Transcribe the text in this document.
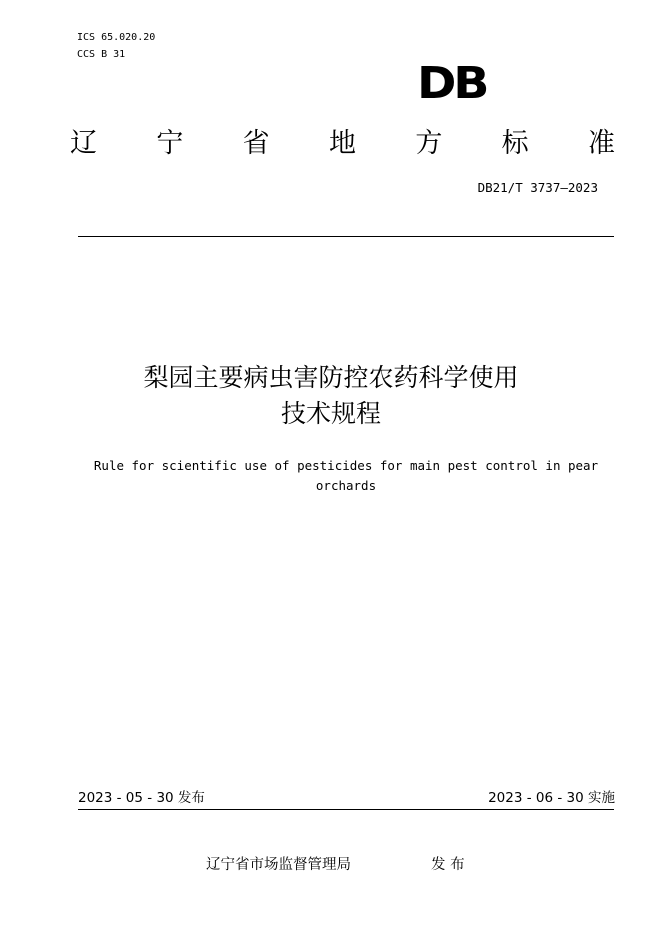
ICS 65.020.20
CCS B 31
DB
辽 宁 省 地 方 标 准
DB21/T 3737—2023
梨园主要病虫害防控农药科学使用
技术规程
Rule for scientific use of pesticides for main pest control in pear orchards
2023 - 05 - 30 发布	2023 - 06 - 30 实施
辽宁省市场监督管理局	发 布
